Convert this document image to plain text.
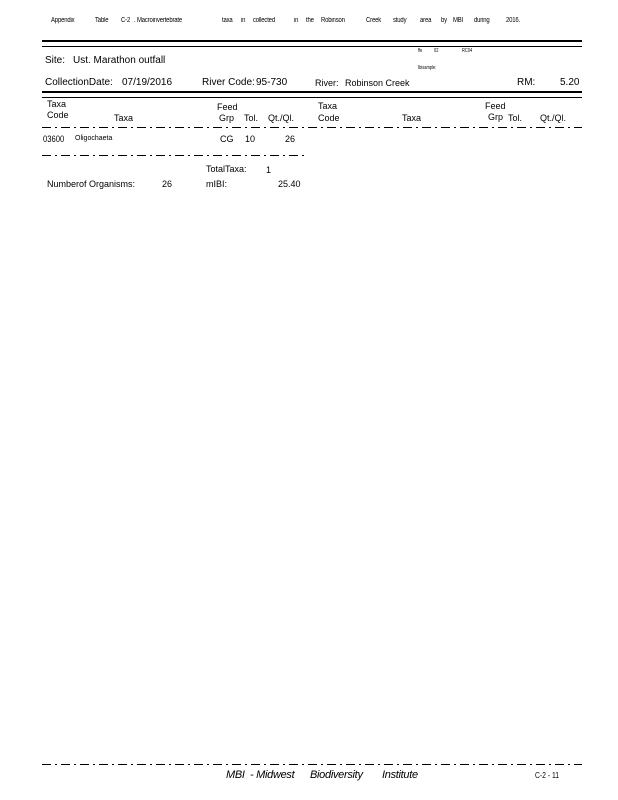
Appendix	Table C-2 . Macroinvertebrate	taxa in collected	in the Robinson	Creek study area by MBI during 2016.
ffe 02	RC04
Ibisample:
Site: Ust. Marathon outfall
CollectionDate: 07/19/2016	River Code: 95-730	River: Robinson Creek	RM: 5.20
Taxa
Code	Taxa
Feed
Grp Tol. Qt./Ql.
Taxa
Code	Taxa
Feed
Grp Tol. Qt./Ql.
03600 Oligochaeta	CG 10	26
TotalTaxa: 1
Numberof Organisms:	26	mIBI:	25.40
MBI - Midwest Biodiversity Institute	C-2 - 11
